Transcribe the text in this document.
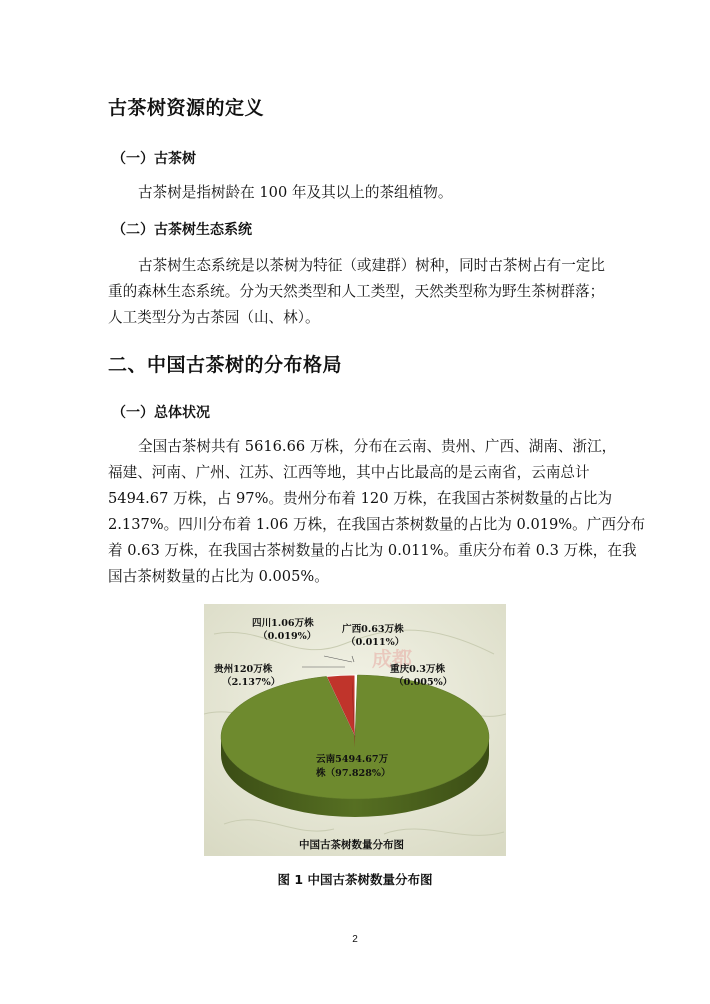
古茶树资源的定义
（一）古茶树

古茶树是指树龄在 100 年及其以上的茶组植物。

（二）古茶树生态系统

古茶树生态系统是以茶树为特征（或建群）树种，同时古茶树占有一定比
重的森林生态系统。分为天然类型和人工类型，天然类型称为野生茶树群落；
人工类型分为古茶园（山、林）。

二、中国古茶树的分布格局
（一）总体状况

全国古茶树共有 5616.66 万株，分布在云南、贵州、广西、湖南、浙江，
福建、河南、广州、江苏、江西等地，其中占比最高的是云南省，云南总计
5494.67 万株，占 97%。贵州分布着 120 万株，在我国古茶树数量的占比为
2.137%。四川分布着 1.06 万株，在我国古茶树数量的占比为 0.019%。广西分布
着 0.63 万株，在我国古茶树数量的占比为 0.011%。重庆分布着 0.3 万株，在我
国古茶树数量的占比为 0.005%。

成都
四川1.06万株
（0.019%）
广西0.63万株
（0.011%）
贵州120万株
（2.137%）
重庆0.3万株
（0.005%）
云南5494.67万
株（97.828%）
中国古茶树数量分布图

图 1 中国古茶树数量分布图

2
